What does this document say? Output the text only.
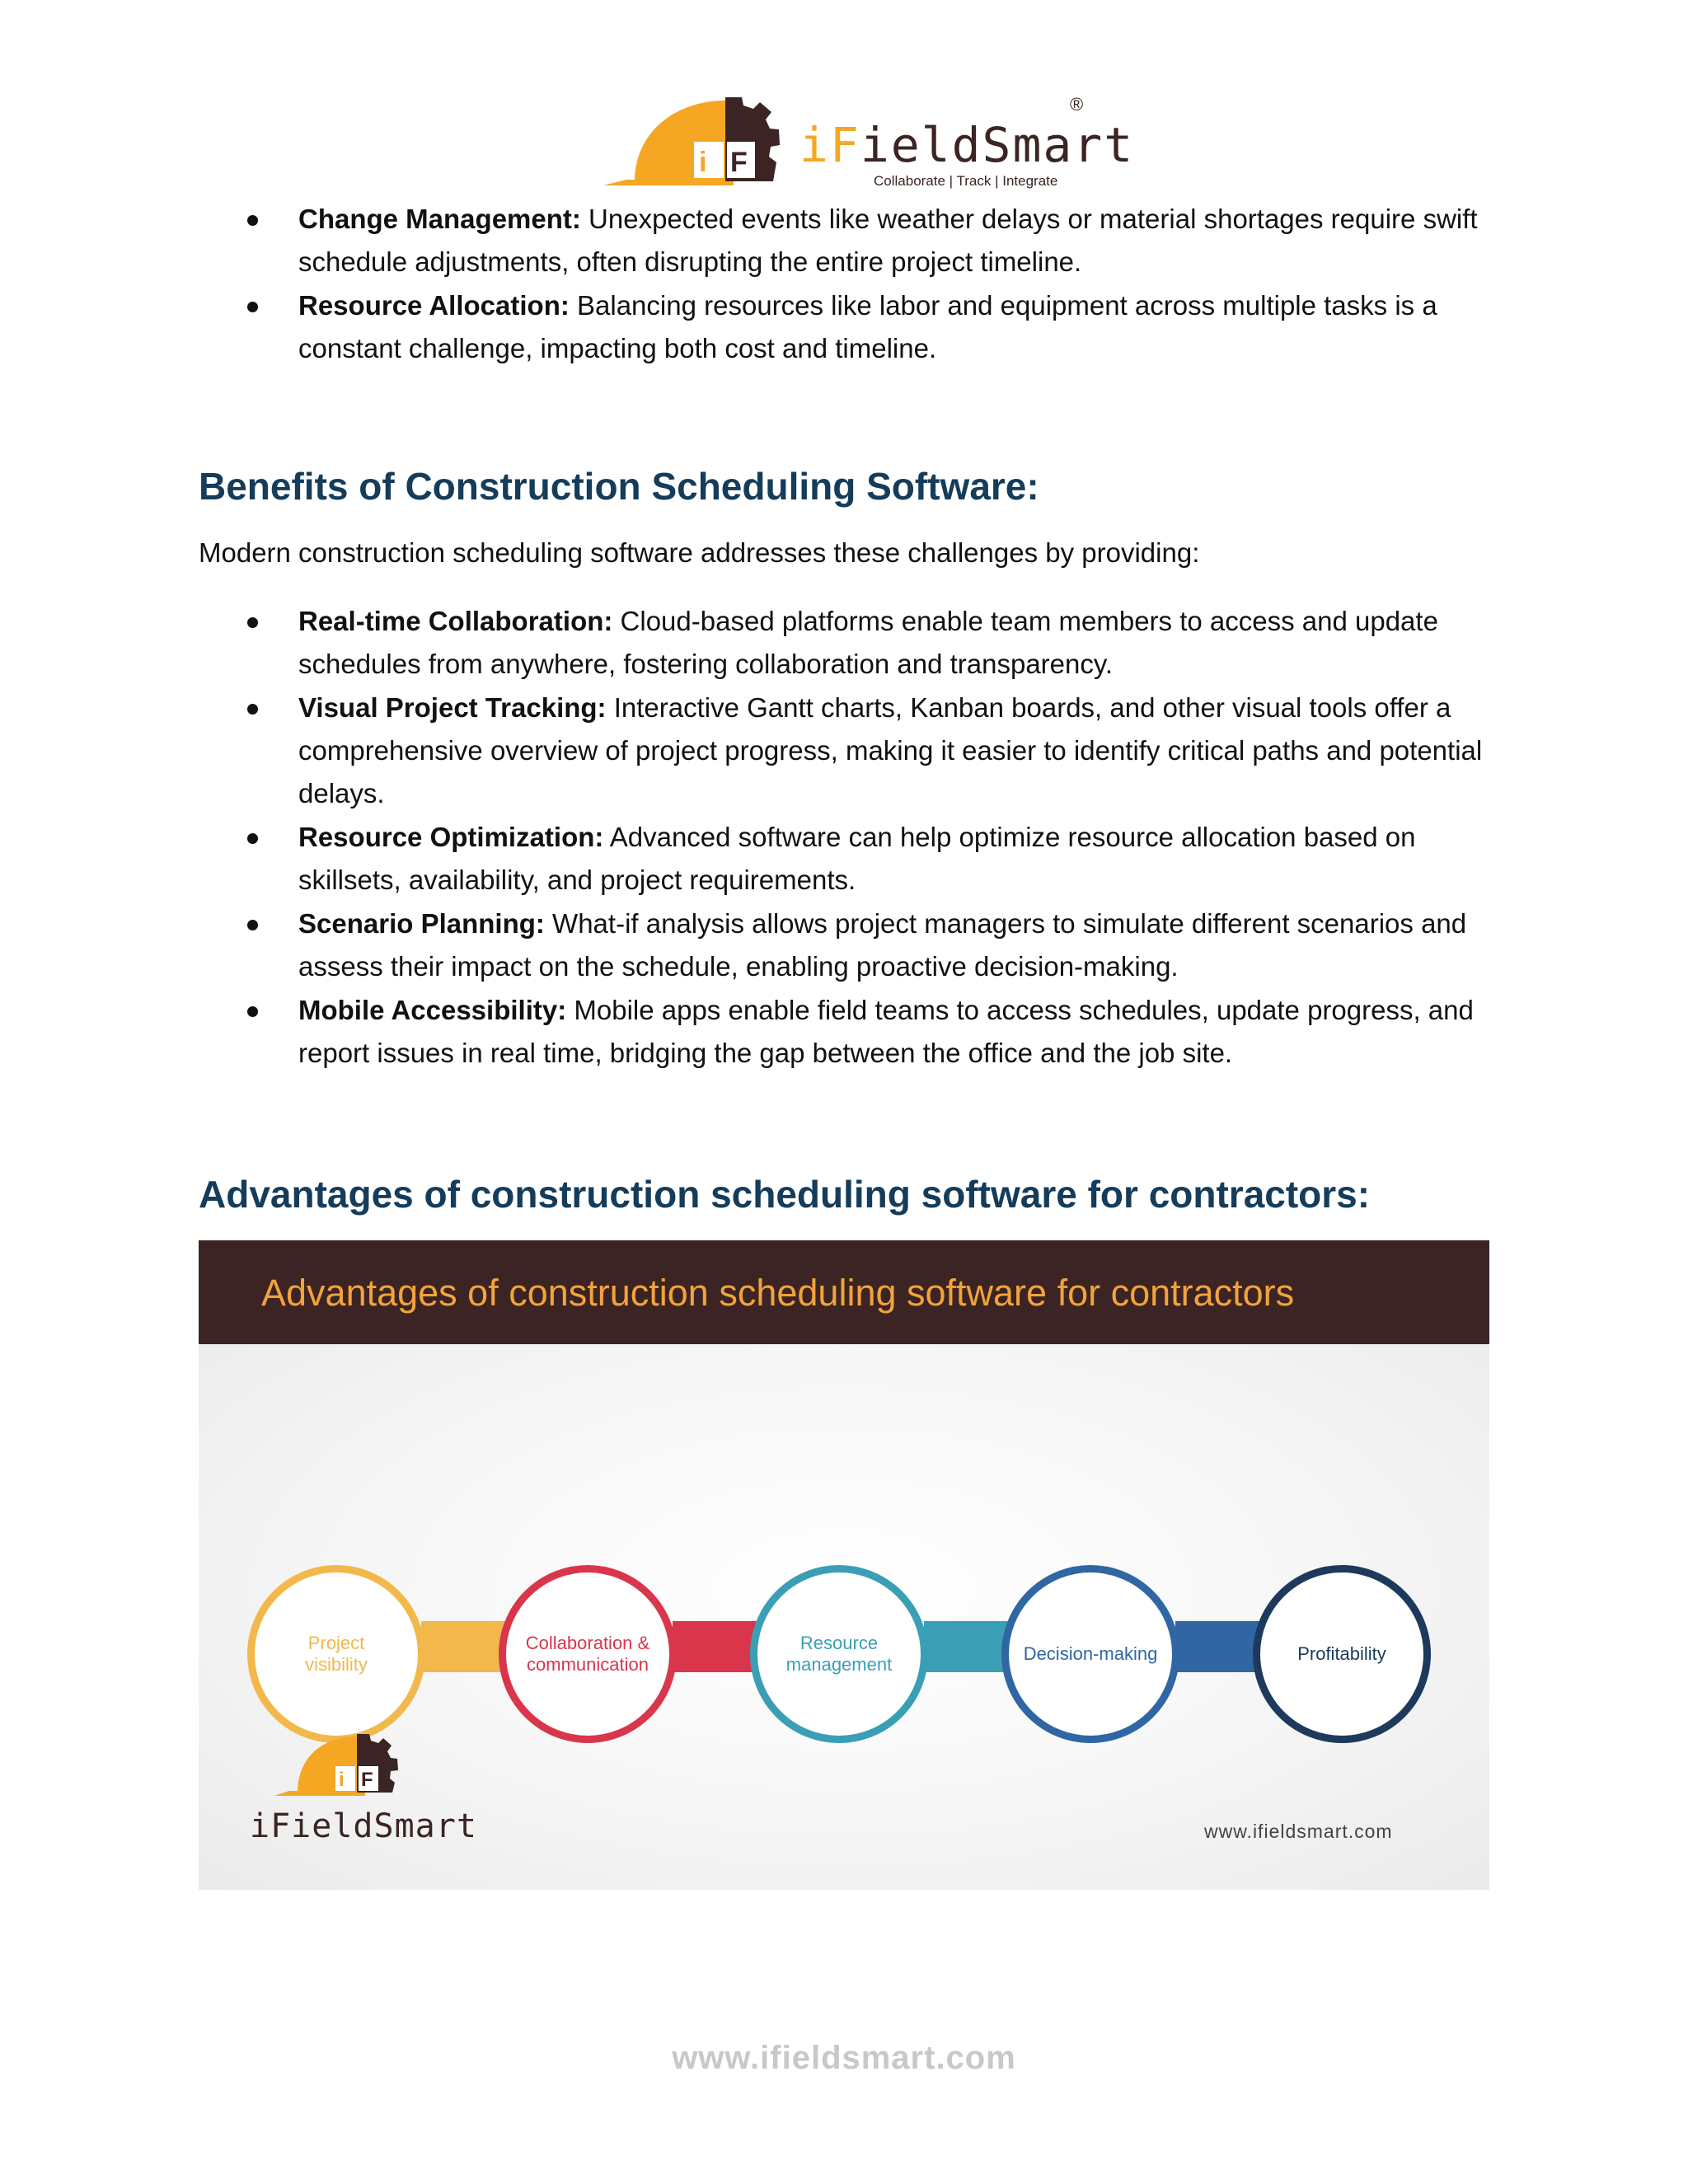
i F iFieldSmart
®
Collaborate | Track | Integrate
Change Management: Unexpected events like weather delays or material shortages require swift schedule adjustments, often disrupting the entire project timeline.
Resource Allocation: Balancing resources like labor and equipment across multiple tasks is a constant challenge, impacting both cost and timeline.
Benefits of Construction Scheduling Software:

Modern construction scheduling software addresses these challenges by providing:

Real-time Collaboration: Cloud-based platforms enable team members to access and update schedules from anywhere, fostering collaboration and transparency.
Visual Project Tracking: Interactive Gantt charts, Kanban boards, and other visual tools offer a comprehensive overview of project progress, making it easier to identify critical paths and potential delays.
Resource Optimization: Advanced software can help optimize resource allocation based on skillsets, availability, and project requirements.
Scenario Planning: What-if analysis allows project managers to simulate different scenarios and assess their impact on the schedule, enabling proactive decision-making.
Mobile Accessibility: Mobile apps enable field teams to access schedules, update progress, and report issues in real time, bridging the gap between the office and the job site.
Advantages of construction scheduling software for contractors:
Advantages of construction scheduling software for contractors
Project
visibility
Collaboration &
communication
Resource
management
Decision-making	Profitability
i F
iFieldSmart	www.ifieldsmart.com
www.ifieldsmart.com
